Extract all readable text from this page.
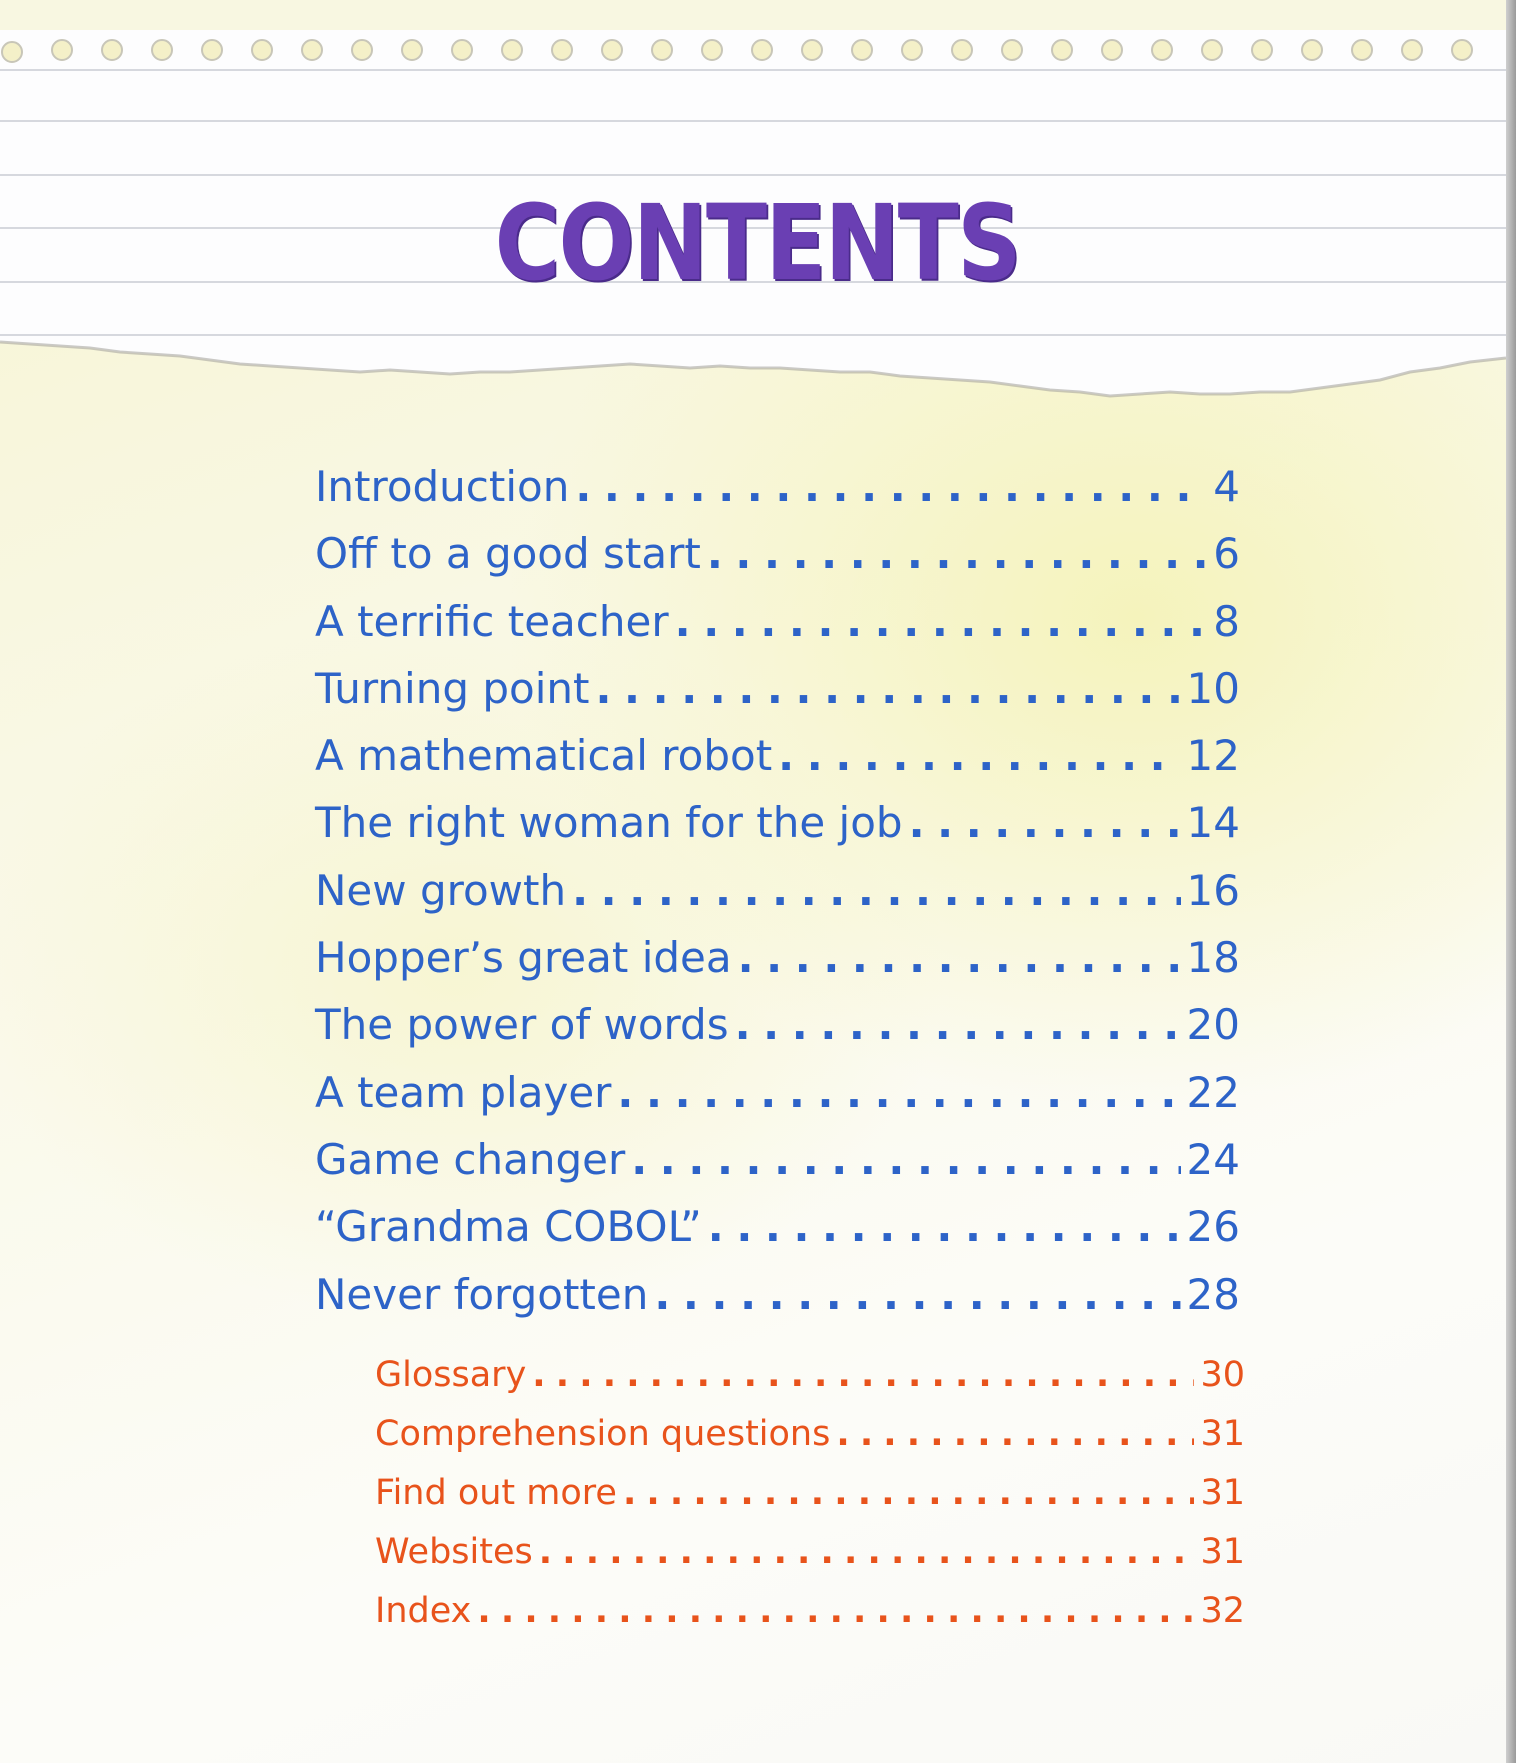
CONTENTS
Introduction . . .	4
Off to a good start . . .	6
A terrific teacher . . .	8
Turning point . . .	10
A mathematical robot . . .	12
The right woman for the job . . .	14
New growth . . .	16
Hopper’s great idea . . .	18
The power of words . . .	20
A team player . . .	22
Game changer . . .	24
“Grandma COBOL” . . .	26
Never forgotten . . .	28
Glossary . . .	30
Comprehension questions . . .	31
Find out more . . .	31
Websites . . .	31
Index . . .	32
